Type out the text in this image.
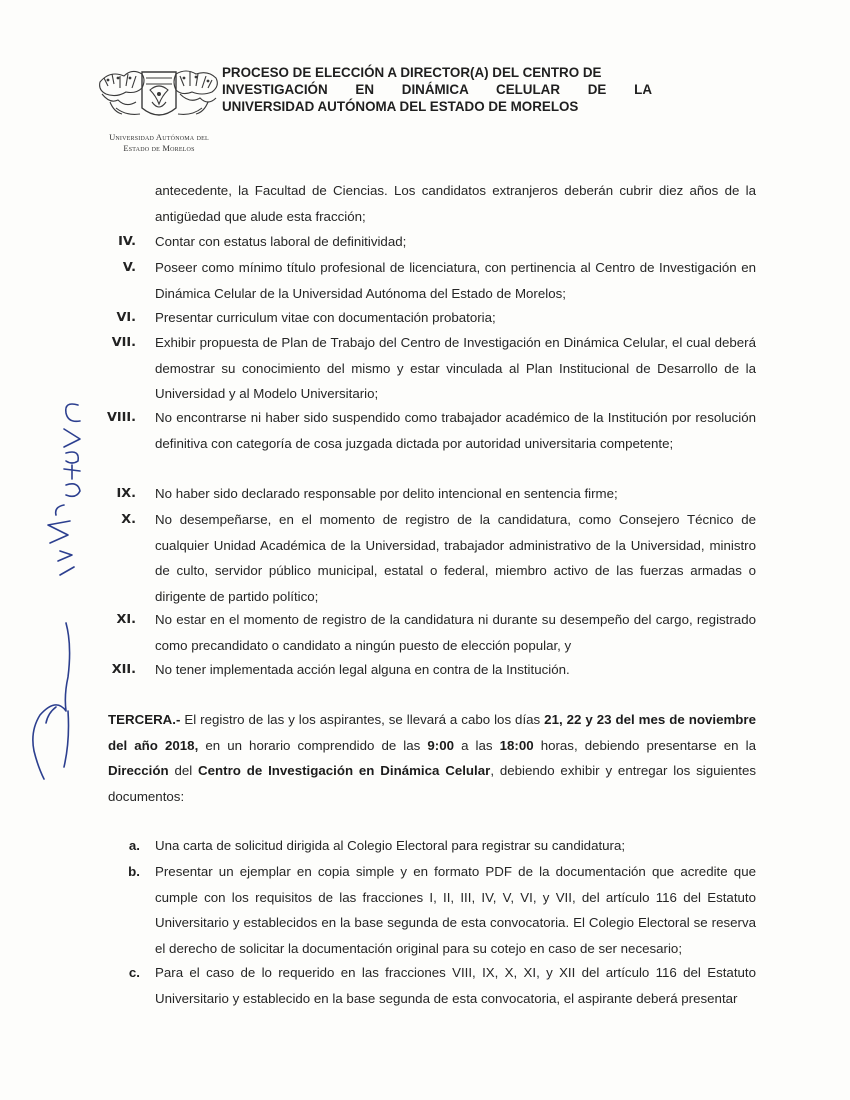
Universidad Autónoma del
Estado de Morelos
PROCESO DE ELECCIÓN A DIRECTOR(A) DEL CENTRO DE
INVESTIGACIÓN EN DINÁMICA CELULAR DE LA
UNIVERSIDAD AUTÓNOMA DEL ESTADO DE MORELOS
antecedente, la Facultad de Ciencias. Los candidatos extranjeros deberán cubrir diez años de la antigüedad que alude esta fracción;
IV. Contar con estatus laboral de definitividad;
V. Poseer como mínimo título profesional de licenciatura, con pertinencia al Centro de Investigación en Dinámica Celular de la Universidad Autónoma del Estado de Morelos;
VI. Presentar curriculum vitae con documentación probatoria;
VII. Exhibir propuesta de Plan de Trabajo del Centro de Investigación en Dinámica Celular, el cual deberá demostrar su conocimiento del mismo y estar vinculada al Plan Institucional de Desarrollo de la Universidad y al Modelo Universitario;
VIII. No encontrarse ni haber sido suspendido como trabajador académico de la Institución por resolución definitiva con categoría de cosa juzgada dictada por autoridad universitaria competente;
IX. No haber sido declarado responsable por delito intencional en sentencia firme;
X. No desempeñarse, en el momento de registro de la candidatura, como Consejero Técnico de cualquier Unidad Académica de la Universidad, trabajador administrativo de la Universidad, ministro de culto, servidor público municipal, estatal o federal, miembro activo de las fuerzas armadas o dirigente de partido político;
XI. No estar en el momento de registro de la candidatura ni durante su desempeño del cargo, registrado como precandidato o candidato a ningún puesto de elección popular, y
XII. No tener implementada acción legal alguna en contra de la Institución.
TERCERA.- El registro de las y los aspirantes, se llevará a cabo los días 21, 22 y 23 del mes de noviembre del año 2018, en un horario comprendido de las 9:00 a las 18:00 horas, debiendo presentarse en la Dirección del Centro de Investigación en Dinámica Celular, debiendo exhibir y entregar los siguientes documentos:
a. Una carta de solicitud dirigida al Colegio Electoral para registrar su candidatura;
b. Presentar un ejemplar en copia simple y en formato PDF de la documentación que acredite que cumple con los requisitos de las fracciones I, II, III, IV, V, VI, y VII, del artículo 116 del Estatuto Universitario y establecidos en la base segunda de esta convocatoria. El Colegio Electoral se reserva el derecho de solicitar la documentación original para su cotejo en caso de ser necesario;
c. Para el caso de lo requerido en las fracciones VIII, IX, X, XI, y XII del artículo 116 del Estatuto Universitario y establecido en la base segunda de esta convocatoria, el aspirante deberá presentar
